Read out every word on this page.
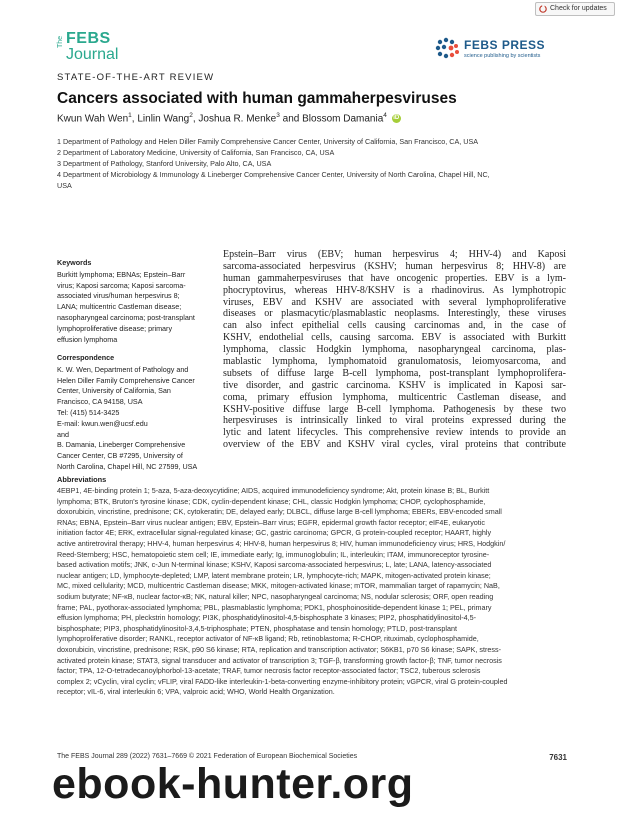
Check for updates
The FEBS
Journal
FEBS PRESS
science publishing by scientists
STATE-OF-THE-ART REVIEW
Cancers associated with human gammaherpesviruses
Kwun Wah Wen$^1$, Linlin Wang$^2$, Joshua R. Menke$^3$ and Blossom Damania$^4$ iD
1 Department of Pathology and Helen Diller Family Comprehensive Cancer Center, University of California, San Francisco, CA, USA
2 Department of Laboratory Medicine, University of California, San Francisco, CA, USA
3 Department of Pathology, Stanford University, Palo Alto, CA, USA
4 Department of Microbiology & Immunology & Lineberger Comprehensive Cancer Center, University of North Carolina, Chapel Hill, NC,
USA
Keywords
Burkitt lymphoma; EBNAs; Epstein–Barr
virus; Kaposi sarcoma; Kaposi sarcoma-
associated virus/human herpesvirus 8;
LANA; multicentric Castleman disease;
nasopharyngeal carcinoma; post-transplant
lymphoproliferative disease; primary
effusion lymphoma
Correspondence
K. W. Wen, Department of Pathology and
Helen Diller Family Comprehensive Cancer
Center, University of California, San
Francisco, CA 94158, USA
Tel: (415) 514-3425
E-mail: kwun.wen@ucsf.edu
and
B. Damania, Lineberger Comprehensive
Cancer Center, CB #7295, University of
North Carolina, Chapel Hill, NC 27599, USA
Epstein–Barr virus (EBV; human herpesvirus 4; HHV-4) and Kaposi
sarcoma-associated herpesvirus (KSHV; human herpesvirus 8; HHV-8) are
human gammaherpesviruses that have oncogenic properties. EBV is a lym-
phocryptovirus, whereas HHV-8/KSHV is a rhadinovirus. As lymphotropic
viruses, EBV and KSHV are associated with several lymphoproliferative
diseases or plasmacytic/plasmablastic neoplasms. Interestingly, these viruses
can also infect epithelial cells causing carcinomas and, in the case of
KSHV, endothelial cells, causing sarcoma. EBV is associated with Burkitt
lymphoma, classic Hodgkin lymphoma, nasopharyngeal carcinoma, plas-
mablastic lymphoma, lymphomatoid granulomatosis, leiomyosarcoma, and
subsets of diffuse large B-cell lymphoma, post-transplant lymphoprolifera-
tive disorder, and gastric carcinoma. KSHV is implicated in Kaposi sar-
coma, primary effusion lymphoma, multicentric Castleman disease, and
KSHV-positive diffuse large B-cell lymphoma. Pathogenesis by these two
herpesviruses is intrinsically linked to viral proteins expressed during the
lytic and latent lifecycles. This comprehensive review intends to provide an
overview of the EBV and KSHV viral cycles, viral proteins that contribute
Abbreviations
4EBP1, 4E-binding protein 1; 5-aza, 5-aza-deoxycytidine; AIDS, acquired immunodeficiency syndrome; Akt, protein kinase B; BL, Burkitt
lymphoma; BTK, Bruton's tyrosine kinase; CDK, cyclin-dependent kinase; CHL, classic Hodgkin lymphoma; CHOP, cyclophosphamide,
doxorubicin, vincristine, prednisone; CK, cytokeratin; DE, delayed early; DLBCL, diffuse large B-cell lymphoma; EBERs, EBV-encoded small
RNAs; EBNA, Epstein–Barr virus nuclear antigen; EBV, Epstein–Barr virus; EGFR, epidermal growth factor receptor; eIF4E, eukaryotic
initiation factor 4E; ERK, extracellular signal-regulated kinase; GC, gastric carcinoma; GPCR, G protein-coupled receptor; HAART, highly
active antiretroviral therapy; HHV-4, human herpesvirus 4; HHV-8, human herpesvirus 8; HIV, human immunodeficiency virus; HRS, Hodgkin/
Reed-Sternberg; HSC, hematopoietic stem cell; IE, immediate early; Ig, immunoglobulin; IL, interleukin; ITAM, immunoreceptor tyrosine-
based activation motifs; JNK, c-Jun N-terminal kinase; KSHV, Kaposi sarcoma-associated herpesvirus; L, late; LANA, latency-associated
nuclear antigen; LD, lymphocyte-depleted; LMP, latent membrane protein; LR, lymphocyte-rich; MAPK, mitogen-activated protein kinase;
MC, mixed cellularity; MCD, multicentric Castleman disease; MKK, mitogen-activated kinase; mTOR, mammalian target of rapamycin; NaB,
sodium butyrate; NF-κB, nuclear factor-κB; NK, natural killer; NPC, nasopharyngeal carcinoma; NS, nodular sclerosis; ORF, open reading
frame; PAL, pyothorax-associated lymphoma; PBL, plasmablastic lymphoma; PDK1, phosphoinositide-dependent kinase 1; PEL, primary
effusion lymphoma; PH, pleckstrin homology; PI3K, phosphatidylinositol-4,5-bisphosphate 3 kinases; PIP2, phosphatidylinositol-4,5-
bisphosphate; PIP3, phosphatidylinositol-3,4,5-triphosphate; PTEN, phosphatase and tensin homology; PTLD, post-transplant
lymphoproliferative disorder; RANKL, receptor activator of NF-κB ligand; Rb, retinoblastoma; R-CHOP, rituximab, cyclophosphamide,
doxorubicin, vincristine, prednisone; RSK, p90 S6 kinase; RTA, replication and transcription activator; S6KB1, p70 S6 kinase; SAPK, stress-
activated protein kinase; STAT3, signal transducer and activator of transcription 3; TGF-β, transforming growth factor-β; TNF, tumor necrosis
factor; TPA, 12-O-tetradecanoylphorbol-13-acetate; TRAF, tumor necrosis factor receptor-associated factor; TSC2, tuberous sclerosis
complex 2; vCyclin, viral cyclin; vFLIP, viral FADD-like interleukin-1-beta-converting enzyme-inhibitory protein; vGPCR, viral G protein-coupled
receptor; vIL-6, viral interleukin 6; VPA, valproic acid; WHO, World Health Organization.
The FEBS Journal 289 (2022) 7631–7669 © 2021 Federation of European Biochemical Societies	7631
ebook-hunter.org
